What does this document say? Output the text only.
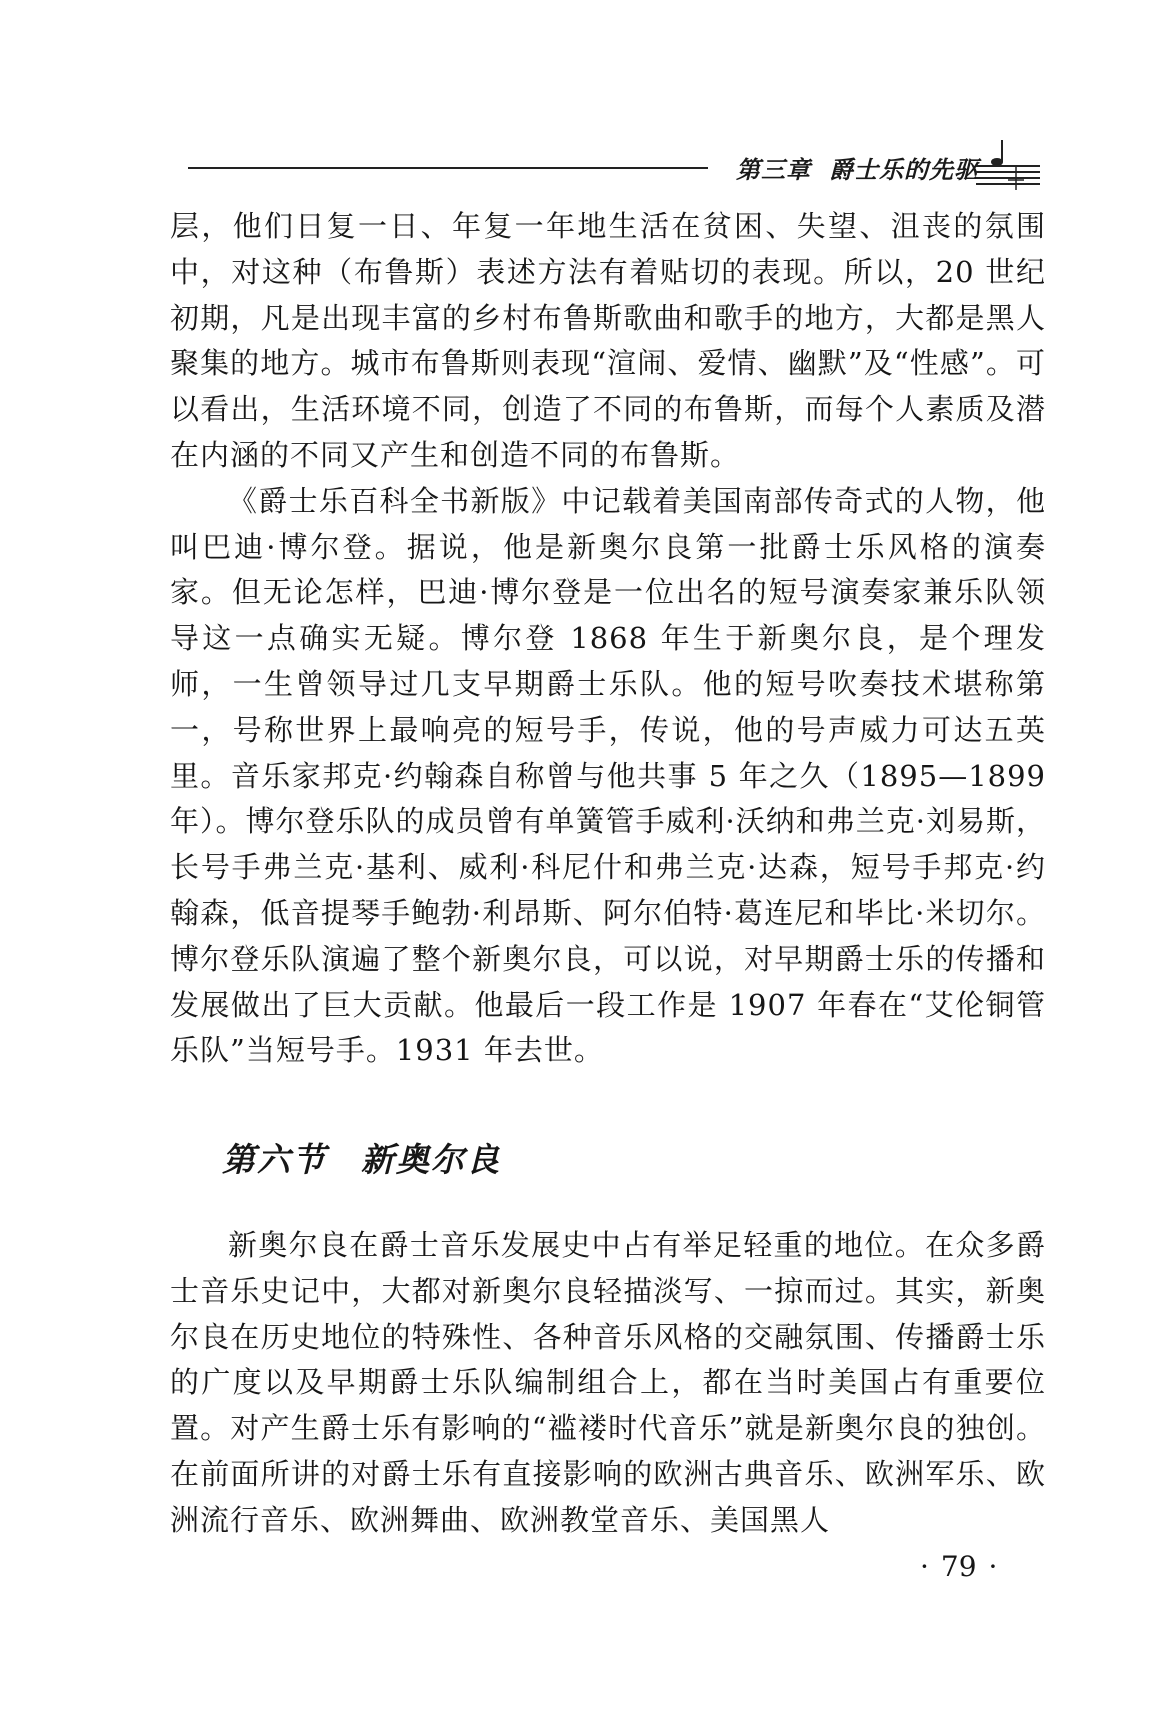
第三章 爵士乐的先驱

层，他们日复一日、年复一年地生活在贫困、失望、沮丧的氛围中，对这种（布鲁斯）表述方法有着贴切的表现。所以，20 世纪初期，凡是出现丰富的乡村布鲁斯歌曲和歌手的地方，大都是黑人聚集的地方。城市布鲁斯则表现“渲闹、爱情、幽默”及“性感”。可以看出，生活环境不同，创造了不同的布鲁斯，而每个人素质及潜在内涵的不同又产生和创造不同的布鲁斯。

《爵士乐百科全书新版》中记载着美国南部传奇式的人物，他叫巴迪·博尔登。据说，他是新奥尔良第一批爵士乐风格的演奏家。但无论怎样，巴迪·博尔登是一位出名的短号演奏家兼乐队领导这一点确实无疑。博尔登 1868 年生于新奥尔良，是个理发师，一生曾领导过几支早期爵士乐队。他的短号吹奏技术堪称第一，号称世界上最响亮的短号手，传说，他的号声威力可达五英里。音乐家邦克·约翰森自称曾与他共事 5 年之久（1895—1899 年）。博尔登乐队的成员曾有单簧管手威利·沃纳和弗兰克·刘易斯，长号手弗兰克·基利、威利·科尼什和弗兰克·达森，短号手邦克·约翰森，低音提琴手鲍勃·利昂斯、阿尔伯特·葛连尼和毕比·米切尔。博尔登乐队演遍了整个新奥尔良，可以说，对早期爵士乐的传播和发展做出了巨大贡献。他最后一段工作是 1907 年春在“艾伦铜管乐队”当短号手。1931 年去世。

第六节 新奥尔良

新奥尔良在爵士音乐发展史中占有举足轻重的地位。在众多爵士音乐史记中，大都对新奥尔良轻描淡写、一掠而过。其实，新奥尔良在历史地位的特殊性、各种音乐风格的交融氛围、传播爵士乐的广度以及早期爵士乐队编制组合上，都在当时美国占有重要位置。对产生爵士乐有影响的“褴褛时代音乐”就是新奥尔良的独创。在前面所讲的对爵士乐有直接影响的欧洲古典音乐、欧洲军乐、欧洲流行音乐、欧洲舞曲、欧洲教堂音乐、美国黑人

· 79 ·
